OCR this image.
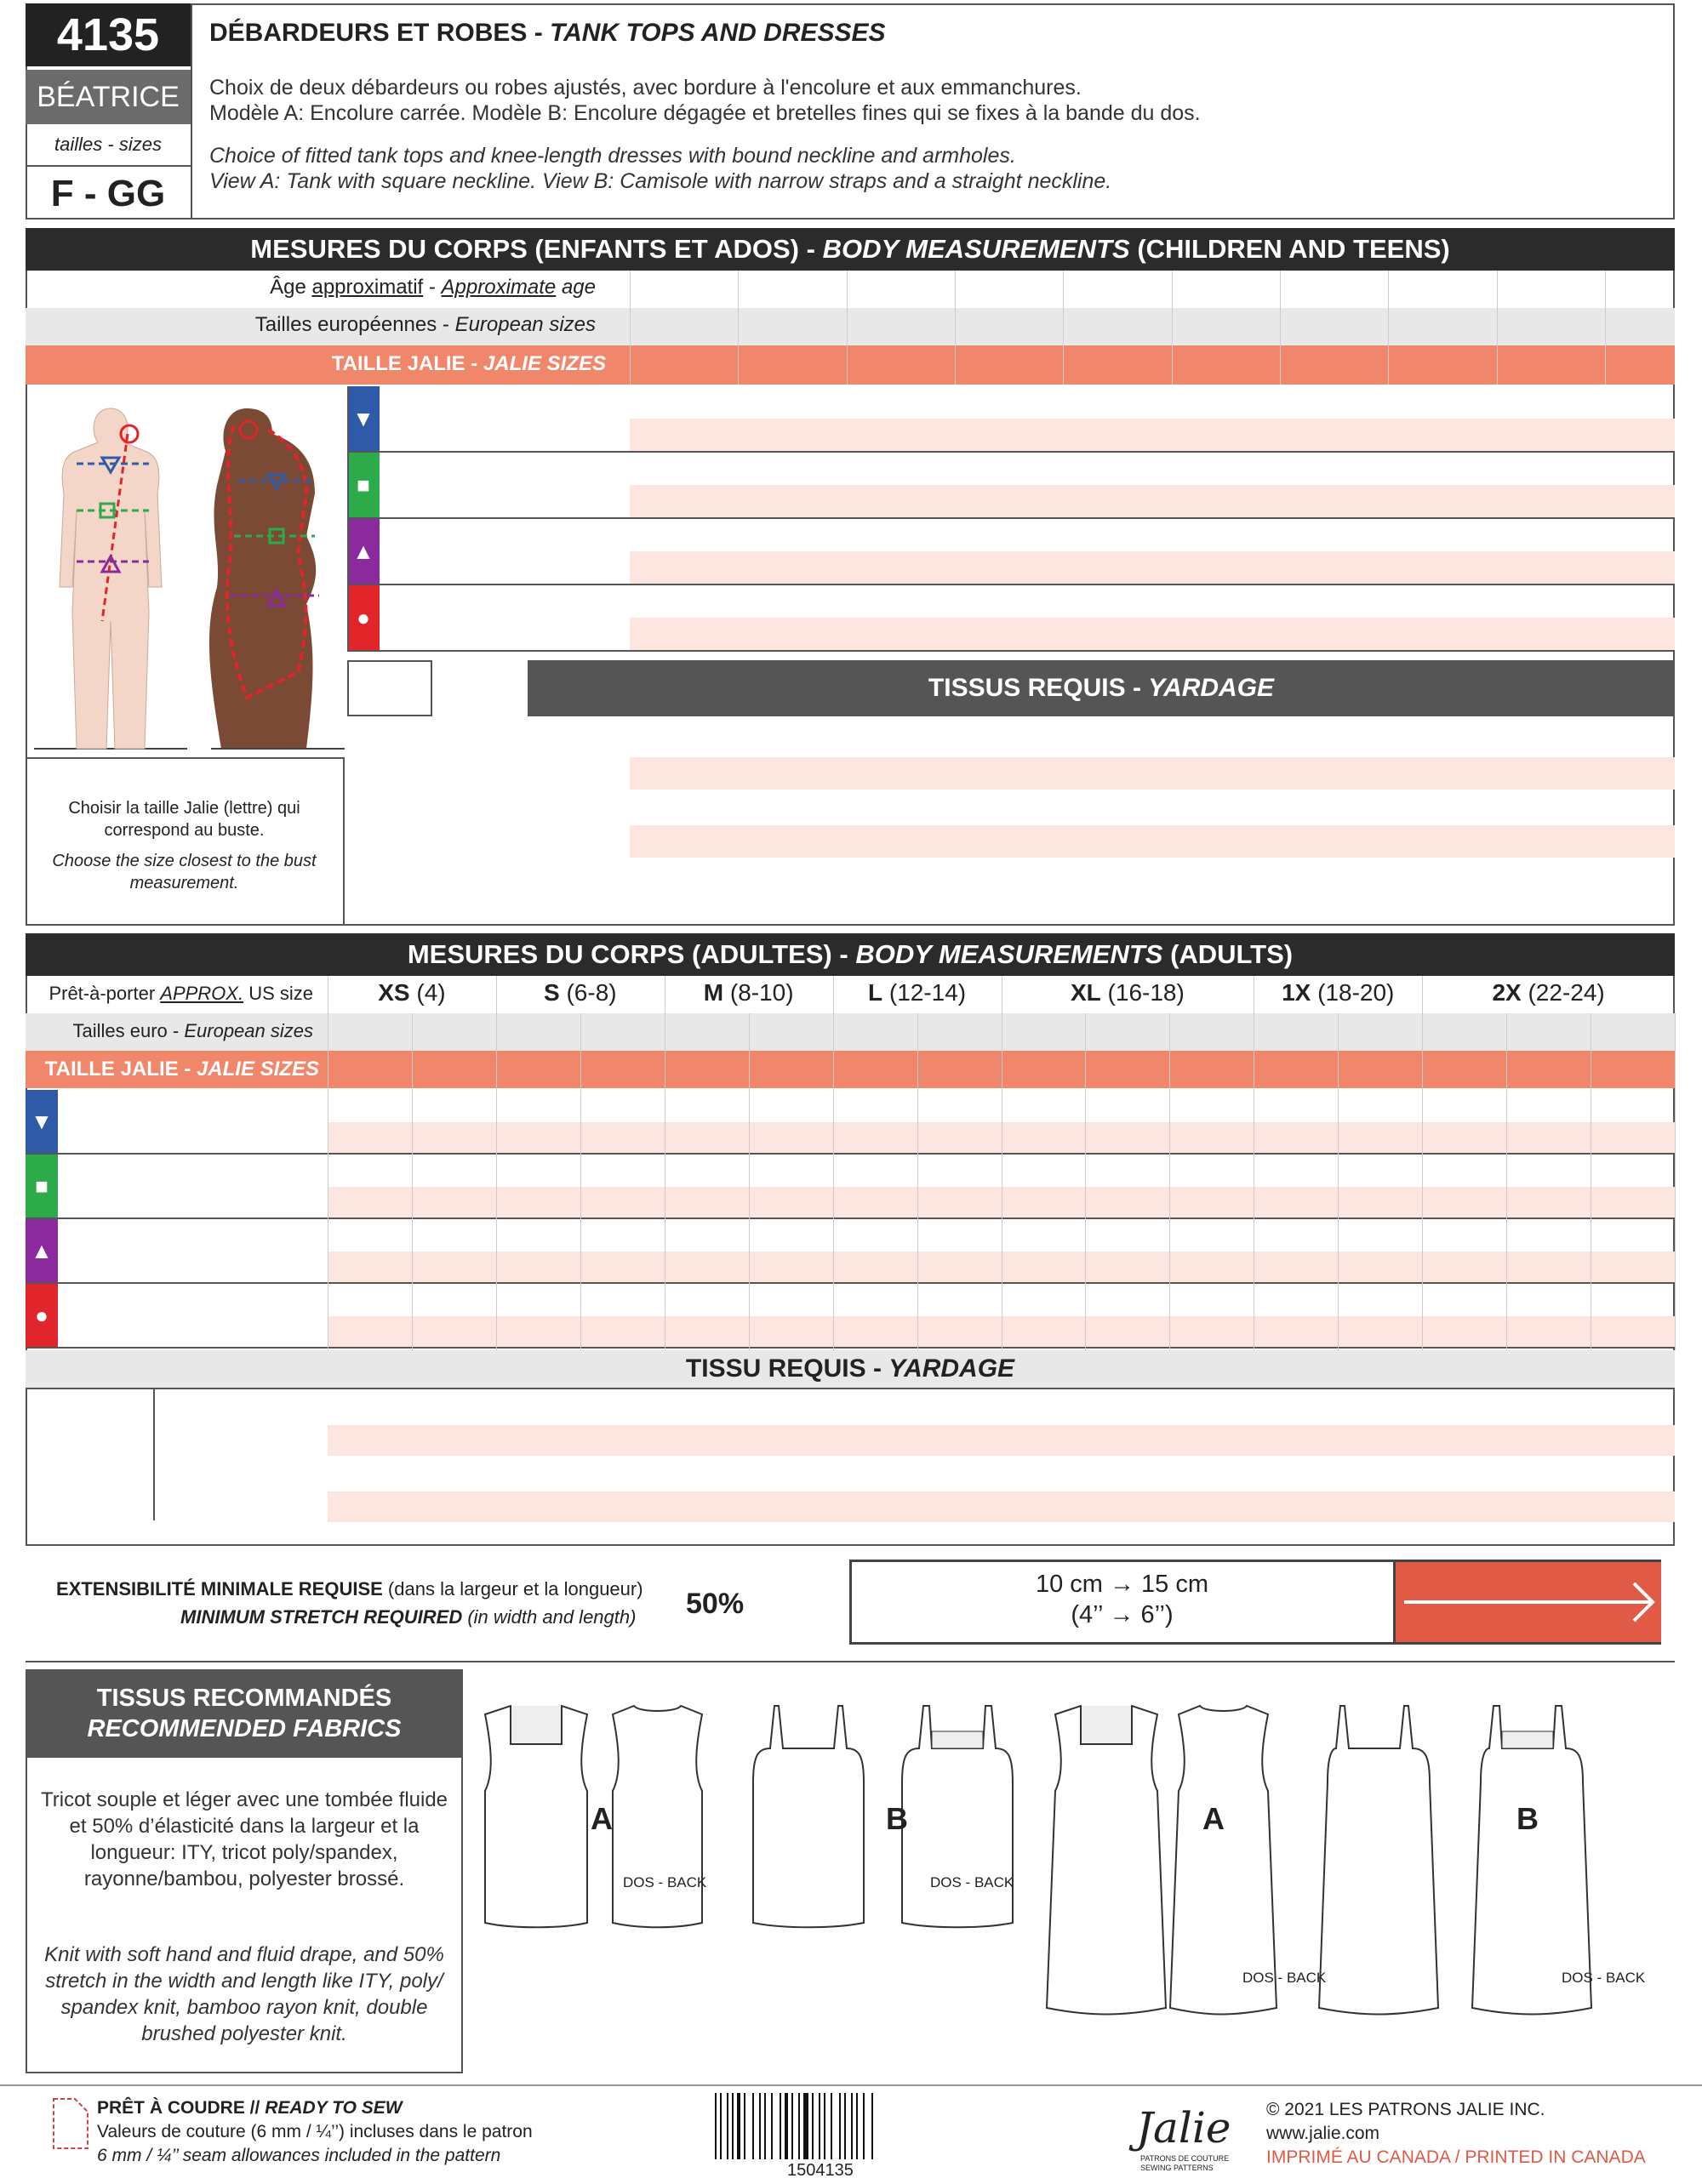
4135
BÉATRICE
tailles - sizes
F - GG
DÉBARDEURS ET ROBES - TANK TOPS AND DRESSES
Choix de deux débardeurs ou robes ajustés, avec bordure à l'encolure et aux emmanchures.
Modèle A: Encolure carrée. Modèle B: Encolure dégagée et bretelles fines qui se fixes à la bande du dos.
Choice of fitted tank tops and knee-length dresses with bound neckline and armholes.
View A: Tank with square neckline. View B: Camisole with narrow straps and a straight neckline.
MESURES DU CORPS (ENFANTS ET ADOS) - BODY MEASUREMENTS (CHILDREN AND TEENS)
Âge approximatif - Approximate age
Tailles européennes - European sizes
TAILLE JALIE - JALIE SIZES
▼
■
▲
●
TISSUS REQUIS - YARDAGE
Choisir la taille Jalie (lettre) qui correspond au buste.
Choose the size closest to the bust measurement.
MESURES DU CORPS (ADULTES) - BODY MEASUREMENTS (ADULTS)
Prêt-à-porter APPROX. US size
Tailles euro - European sizes
TAILLE JALIE - JALIE SIZES
XS (4)	S (6-8)	M (8-10)	L (12-14)	XL (16-18)	1X (18-20)	2X (22-24)
▼
■
▲
●
TISSU REQUIS - YARDAGE
EXTENSIBILITÉ MINIMALE REQUISE (dans la largeur et la longueur)
MINIMUM STRETCH REQUIRED (in width and length) 50%
10 cm → 15 cm
(4’’ → 6’’)
TISSUS RECOMMANDÉS
RECOMMENDED FABRICS
Tricot souple et léger avec une tombée fluide et 50% d’élasticité dans la largeur et la longueur: ITY, tricot poly/spandex, rayonne/bambou, polyester brossé.
Knit with soft hand and fluid drape, and 50% stretch in the width and length like ITY, poly/ spandex knit, bamboo rayon knit, double brushed polyester knit.
A	B	A	B
DOS - BACK	DOS - BACK
DOS - BACK	DOS - BACK
PRÊT À COUDRE // READY TO SEW
Valeurs de couture (6 mm / ¼’’) incluses dans le patron
6 mm / ¼’’ seam allowances included in the pattern
1504135
Jalie
PATRONS DE COUTURE
SEWING PATTERNS
© 2021 LES PATRONS JALIE INC.
www.jalie.com
IMPRIMÉ AU CANADA / PRINTED IN CANADA
